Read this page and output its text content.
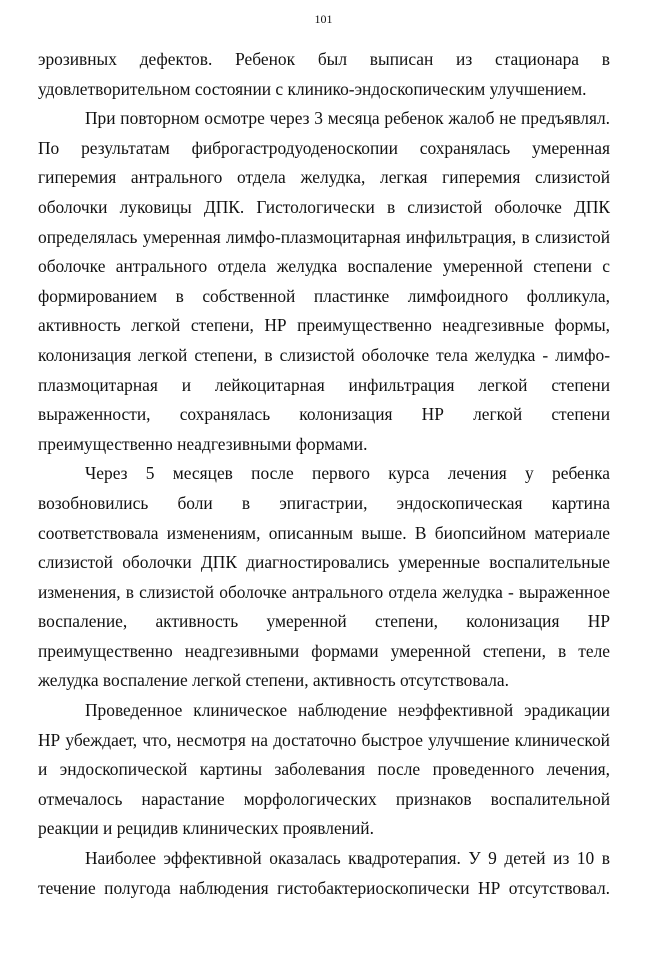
101

эрозивных дефектов. Ребенок был выписан из стационара в удовлетворительном состоянии с клинико-эндоскопическим улучшением.

При повторном осмотре через 3 месяца ребенок жалоб не предъявлял. По результатам фиброгастродуоденоскопии сохранялась умеренная гиперемия антрального отдела желудка, легкая гиперемия слизистой оболочки луковицы ДПК. Гистологически в слизистой оболочке ДПК определялась умеренная лимфо-плазмоцитарная инфильтрация, в слизистой оболочке антрального отдела желудка воспаление умеренной степени с формированием в собственной пластинке лимфоидного фолликула, активность легкой степени, НР преимущественно неадгезивные формы, колонизация легкой степени, в слизистой оболочке тела желудка - лимфо-плазмоцитарная и лейкоцитарная инфильтрация легкой степени выраженности, сохранялась колонизация НР легкой степени преимущественно неадгезивными формами.

Через 5 месяцев после первого курса лечения у ребенка возобновились боли в эпигастрии, эндоскопическая картина соответствовала изменениям, описанным выше. В биопсийном материале слизистой оболочки ДПК диагностировались умеренные воспалительные изменения, в слизистой оболочке антрального отдела желудка - выраженное воспаление, активность умеренной степени, колонизация НР преимущественно неадгезивными формами умеренной степени, в теле желудка воспаление легкой степени, активность отсутствовала.

Проведенное клиническое наблюдение неэффективной эрадикации НР убеждает, что, несмотря на достаточно быстрое улучшение клинической и эндоскопической картины заболевания после проведенного лечения, отмечалось нарастание морфологических признаков воспалительной реакции и рецидив клинических проявлений.

Наиболее эффективной оказалась квадротерапия. У 9 детей из 10 в течение полугода наблюдения гистобактериоскопически НР отсутствовал.
